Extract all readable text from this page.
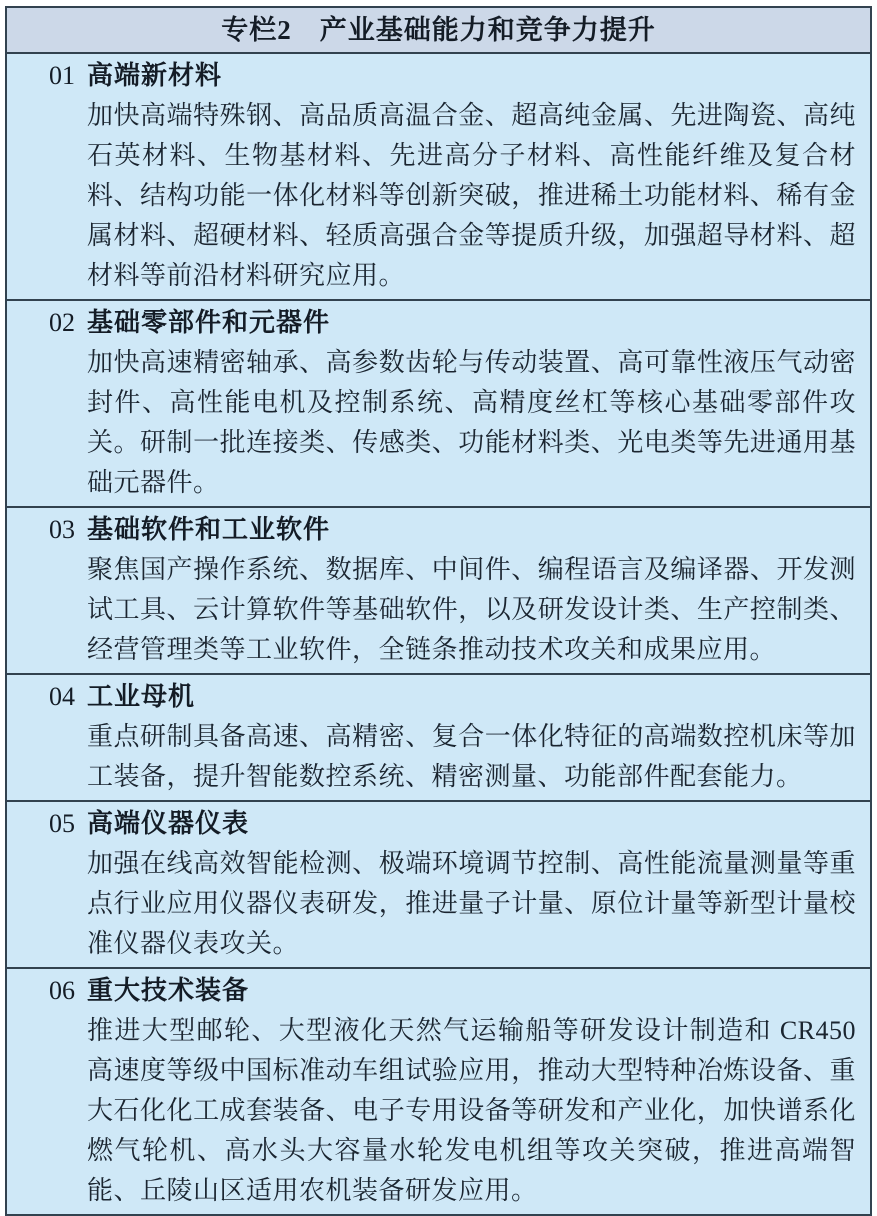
专栏2　产业基础能力和竞争力提升
01 高端新材料

加快高端特殊钢、高品质高温合金、超高纯金属、先进陶瓷、高纯石英材料、生物基材料、先进高分子材料、高性能纤维及复合材料、结构功能一体化材料等创新突破，推进稀土功能材料、稀有金属材料、超硬材料、轻质高强合金等提质升级，加强超导材料、超材料等前沿材料研究应用。

02 基础零部件和元器件

加快高速精密轴承、高参数齿轮与传动装置、高可靠性液压气动密封件、高性能电机及控制系统、高精度丝杠等核心基础零部件攻关。研制一批连接类、传感类、功能材料类、光电类等先进通用基础元器件。

03 基础软件和工业软件

聚焦国产操作系统、数据库、中间件、编程语言及编译器、开发测试工具、云计算软件等基础软件，以及研发设计类、生产控制类、经营管理类等工业软件，全链条推动技术攻关和成果应用。

04 工业母机

重点研制具备高速、高精密、复合一体化特征的高端数控机床等加工装备，提升智能数控系统、精密测量、功能部件配套能力。

05 高端仪器仪表

加强在线高效智能检测、极端环境调节控制、高性能流量测量等重点行业应用仪器仪表研发，推进量子计量、原位计量等新型计量校准仪器仪表攻关。

06 重大技术装备

推进大型邮轮、大型液化天然气运输船等研发设计制造和 CR450 高速度等级中国标准动车组试验应用，推动大型特种冶炼设备、重大石化化工成套装备、电子专用设备等研发和产业化，加快谱系化燃气轮机、高水头大容量水轮发电机组等攻关突破，推进高端智能、丘陵山区适用农机装备研发应用。
